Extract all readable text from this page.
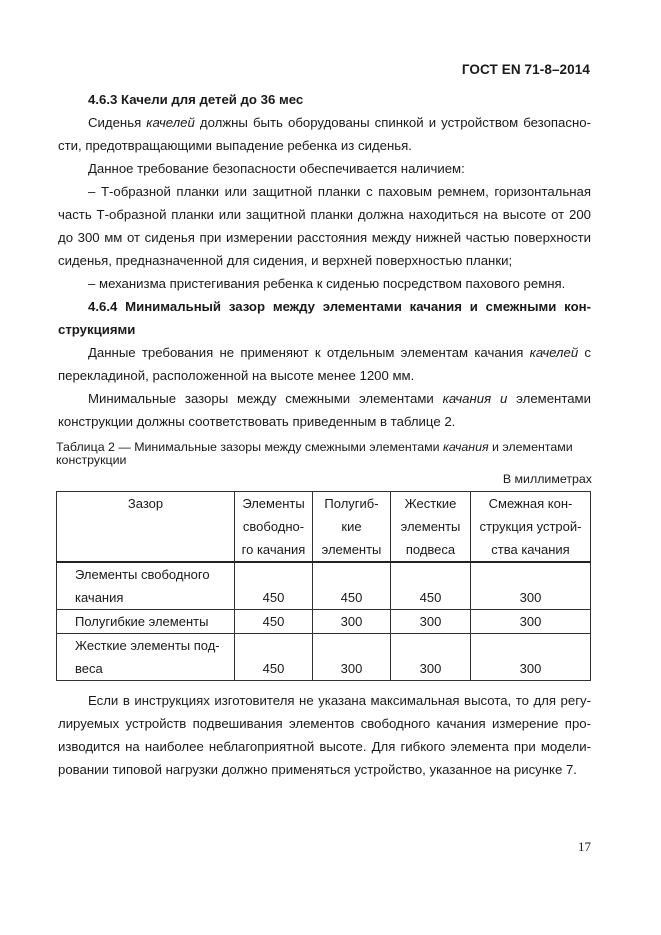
ГОСТ EN 71-8–2014

4.6.3 Качели для детей до 36 мес

Сиденья качелей должны быть оборудованы спинкой и устройством безопасно-сти, предотвращающими выпадение ребенка из сиденья.

Данное требование безопасности обеспечивается наличием:

– Т-образной планки или защитной планки с паховым ремнем, горизонтальная часть Т-образной планки или защитной планки должна находиться на высоте от 200 до 300 мм от сиденья при измерении расстояния между нижней частью поверхности сиденья, предназначенной для сидения, и верхней поверхностью планки;

– механизма пристегивания ребенка к сиденью посредством пахового ремня.

4.6.4 Минимальный зазор между элементами качания и смежными кон-струкциями

Данные требования не применяют к отдельным элементам качания качелей с перекладиной, расположенной на высоте менее 1200 мм.

Минимальные зазоры между смежными элементами качания и элементами конструкции должны соответствовать приведенным в таблице 2.

Таблица 2 — Минимальные зазоры между смежными элементами качания и элементами конструкции
В миллиметрах
Зазор	Элементы свободно-го качания	Полугиб-кие элементы	Жесткие элементы подвеса	Смежная кон-струкция устрой-ства качания
Элементы свободного качания	450	450	450	300
Полугибкие элементы	450	300	300	300
Жесткие элементы под-веса	450	300	300	300

Если в инструкциях изготовителя не указана максимальная высота, то для регу-лируемых устройств подвешивания элементов свободного качания измерение про-изводится на наиболее неблагоприятной высоте. Для гибкого элемента при модели-ровании типовой нагрузки должно применяться устройство, указанное на рисунке 7.

17
